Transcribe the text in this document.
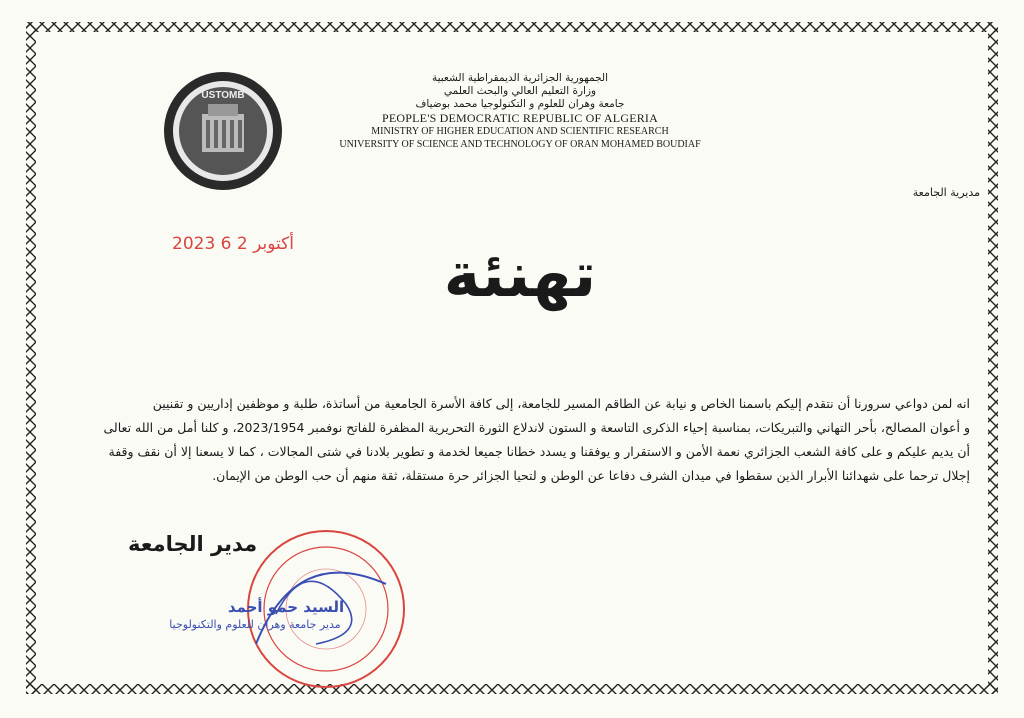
USTOMB
الجمهورية الجزائرية الديمقراطية الشعبية
وزارة التعليم العالي والبحث العلمي
جامعة وهران للعلوم و التكنولوجيا محمد بوضياف
PEOPLE'S DEMOCRATIC REPUBLIC OF ALGERIA
MINISTRY OF HIGHER EDUCATION AND SCIENTIFIC RESEARCH
UNIVERSITY OF SCIENCE AND TECHNOLOGY OF ORAN MOHAMED BOUDIAF
مديرية الجامعة
2023 أكتوبر 2 6	تهنئة
انه لمن دواعي سرورنا أن نتقدم إليكم باسمنا الخاص و نيابة عن الطاقم المسير للجامعة، إلى كافة الأسرة الجامعية من أساتذة، طلبة و موظفين إداريين و تقنيين
و أعوان المصالح، بأحر التهاني والتبريكات، بمناسبة إحياء الذكرى التاسعة و الستون لاندلاع الثورة التحريرية المظفرة للفاتح نوفمبر 2023/1954، و كلنا أمل من الله تعالى
أن يديم عليكم و على كافة الشعب الجزائري نعمة الأمن و الاستقرار و يوفقنا و يسدد خطانا جميعا لخدمة و تطوير بلادنا في شتى المجالات ، كما لا يسعنا إلا أن نقف وقفة
إجلال ترحما على شهدائنا الأبرار الذين سقطوا في ميدان الشرف دفاعا عن الوطن و لتحيا الجزائر حرة مستقلة، ثقة منهم أن حب الوطن من الإيمان.
مدير الجامعة
السيد حمو أحمد
مدير جامعة وهران للعلوم والتكنولوجيا
